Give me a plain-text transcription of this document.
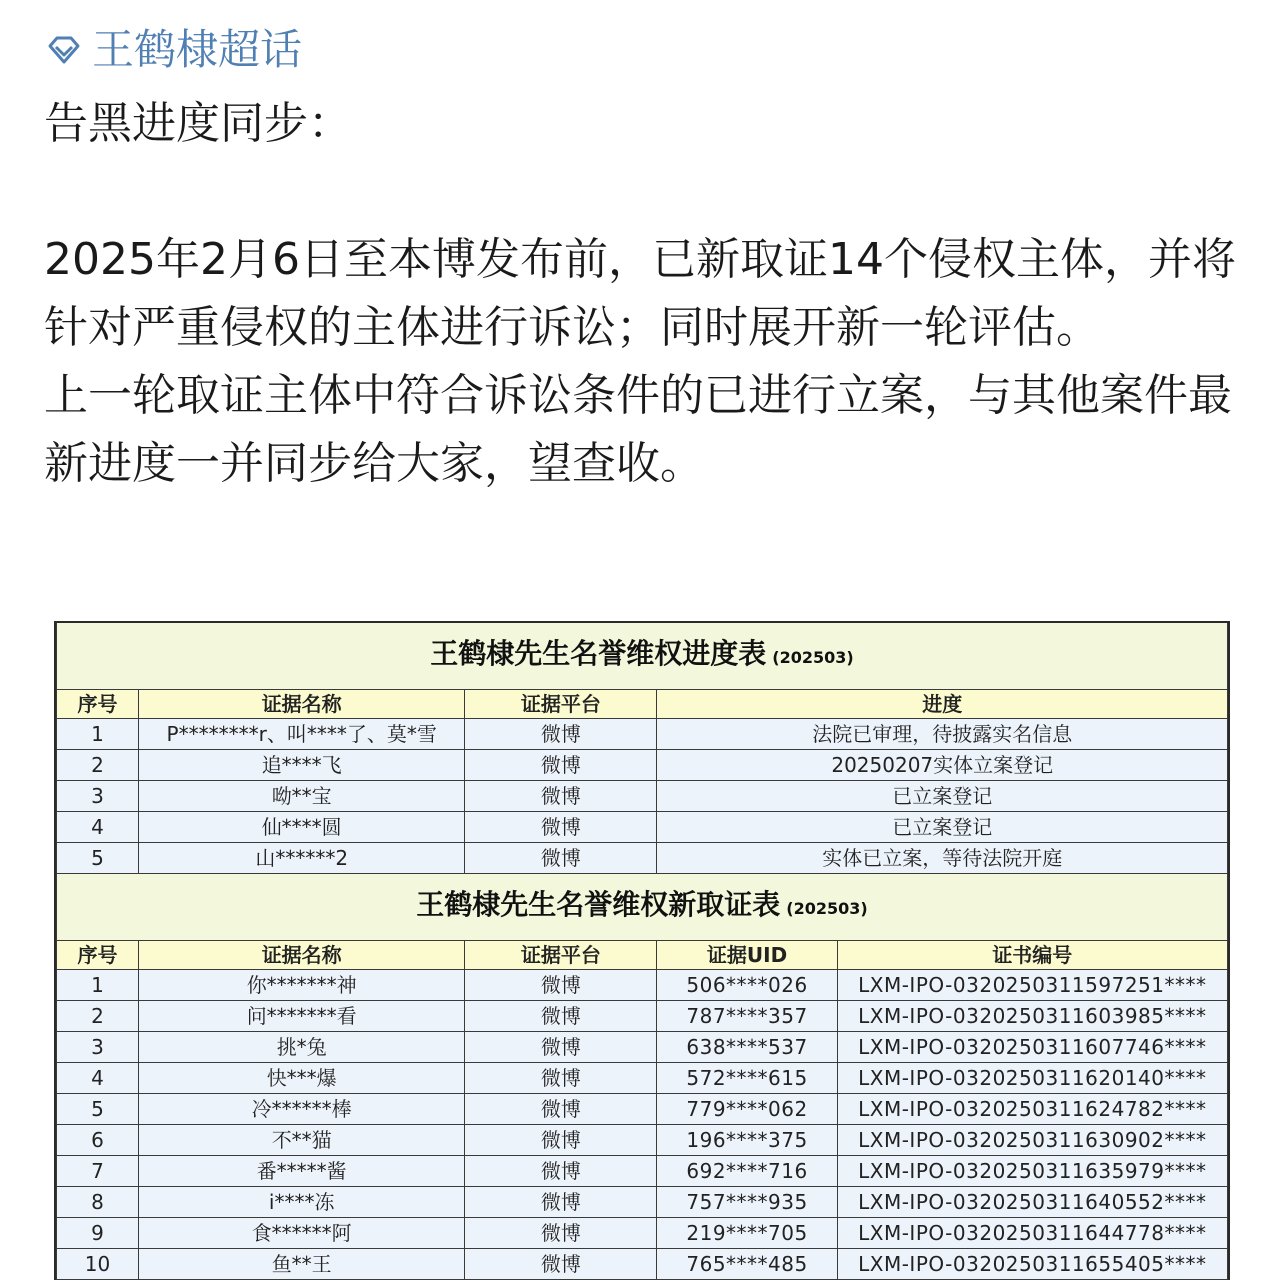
王鹤棣超话

告黑进度同步：

2025年2月6日至本博发布前，已新取证14个侵权主体，并将针对严重侵权的主体进行诉讼；同时展开新一轮评估。

上一轮取证主体中符合诉讼条件的已进行立案，与其他案件最新进度一并同步给大家，望查收。

王鹤棣先生名誉维权进度表 (202503)			
序号	证据名称	证据平台	进度
1	P********r、叫****了、莫*雪	微博	法院已审理，待披露实名信息
2	追****飞	微博	20250207实体立案登记
3	呦**宝	微博	已立案登记
4	仙****圆	微博	已立案登记
5	山******2	微博	实体已立案，等待法院开庭
王鹤棣先生名誉维权新取证表 (202503)				
序号	证据名称	证据平台	证据UID	证书编号
1	你*******神	微博	506****026	LXM-IPO-0320250311597251****
2	问*******看	微博	787****357	LXM-IPO-0320250311603985****
3	挑*兔	微博	638****537	LXM-IPO-0320250311607746****
4	快***爆	微博	572****615	LXM-IPO-0320250311620140****
5	冷******棒	微博	779****062	LXM-IPO-0320250311624782****
6	不**猫	微博	196****375	LXM-IPO-0320250311630902****
7	番*****酱	微博	692****716	LXM-IPO-0320250311635979****
8	i****冻	微博	757****935	LXM-IPO-0320250311640552****
9	食******阿	微博	219****705	LXM-IPO-0320250311644778****
10	鱼**王	微博	765****485	LXM-IPO-0320250311655405****
